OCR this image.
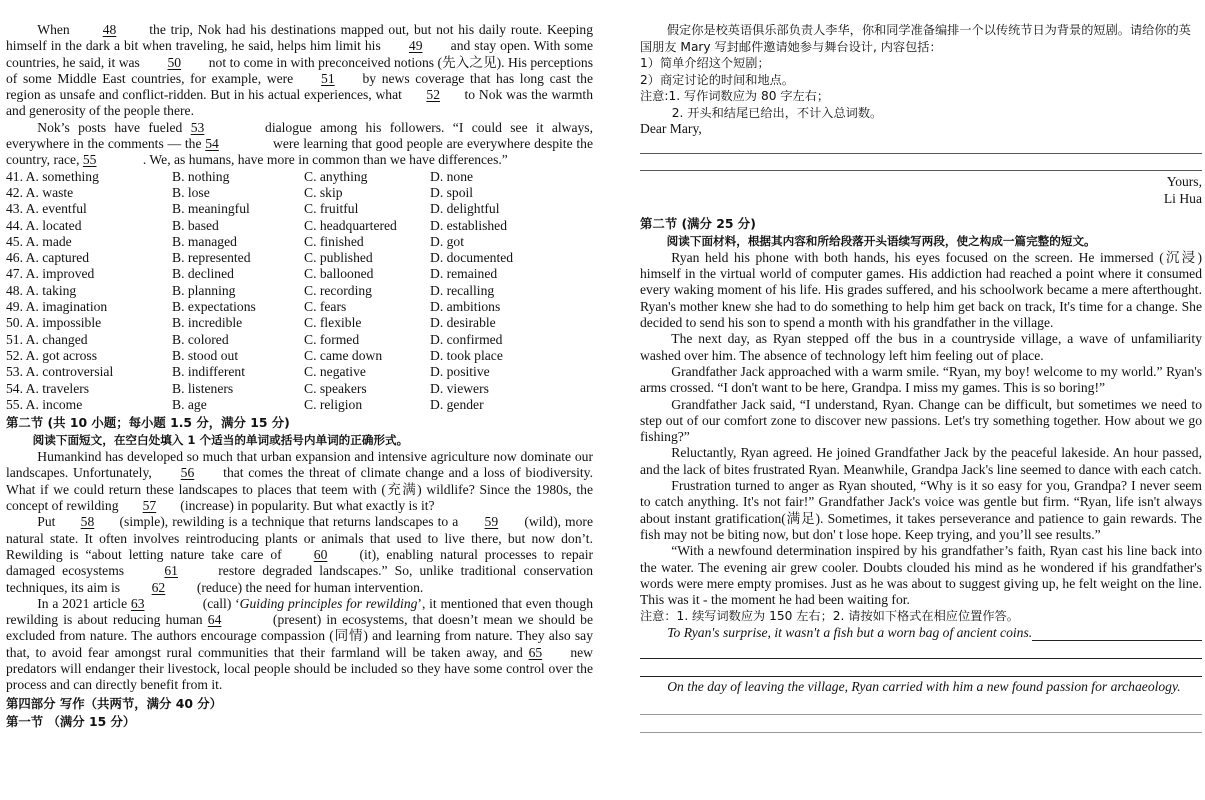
When 48 the trip, Nok had his destinations mapped out, but not his daily route. Keeping himself in the dark a bit when traveling, he said, helps him limit his 49 and stay open. With some countries, he said, it was 50 not to come in with preconceived notions (先入之见). His perceptions of some Middle East countries, for example, were 51 by news coverage that has long cast the region as unsafe and conflict-ridden. But in his actual experiences, what 52 to Nok was the warmth and generosity of the people there.

Nok’s posts have fueled 53	dialogue among his followers. “I could see it always, everywhere in the comments — the 54	were learning that good people are everywhere despite the country, race, 55	. We, as humans, have more in common than we have differences.”

41. A. something	B. nothing	C. anything	D. none
42. A. waste	B. lose	C. skip	D. spoil
43. A. eventful	B. meaningful	C. fruitful	D. delightful
44. A. located	B. based	C. headquartered	D. established
45. A. made	B. managed	C. finished	D. got
46. A. captured	B. represented	C. published	D. documented
47. A. improved	B. declined	C. ballooned	D. remained
48. A. taking	B. planning	C. recording	D. recalling
49. A. imagination	B. expectations	C. fears	D. ambitions
50. A. impossible	B. incredible	C. flexible	D. desirable
51. A. changed	B. colored	C. formed	D. confirmed
52. A. got across	B. stood out	C. came down	D. took place
53. A. controversial	B. indifferent	C. negative	D. positive
54. A. travelers	B. listeners	C. speakers	D. viewers
55. A. income	B. age	C. religion	D. gender
第二节 (共 10 小题；每小题 1.5 分，满分 15 分)
阅读下面短文，在空白处填入 1 个适当的单词或括号内单词的正确形式。

Humankind has developed so much that urban expansion and intensive agriculture now dominate our landscapes. Unfortunately, 56 that comes the threat of climate change and a loss of biodiversity. What if we could return these landscapes to places that teem with (充满) wildlife? Since the 1980s, the concept of rewilding 57 (increase) in popularity. But what exactly is it?

Put 58 (simple), rewilding is a technique that returns landscapes to a 59 (wild), more natural state. It often involves reintroducing plants or animals that used to live there, but now don’t. Rewilding is “about letting nature take care of 60 (it), enabling natural processes to repair damaged ecosystems 61 restore degraded landscapes.” So, unlike traditional conservation techniques, its aim is 62 (reduce) the need for human intervention.

In a 2021 article 63	(call) ‘Guiding principles for rewilding’, it mentioned that even though rewilding is about reducing human 64	(present) in ecosystems, that doesn’t mean we should be excluded from nature. The authors encourage compassion (同情) and learning from nature. They also say that, to avoid fear amongst rural communities that their farmland will be taken away, and 65 new predators will endanger their livestock, local people should be included so they have some control over the process and can directly benefit from it.

第四部分 写作（共两节，满分 40 分）
第一节 （满分 15 分）
假定你是校英语俱乐部负责人李华，你和同学准备编排一个以传统节日为背景的短剧。请给你的英国朋友 Mary 写封邮件邀请她参与舞台设计, 内容包括：
1）简单介绍这个短剧；
2）商定讨论的时间和地点。
注意:1. 写作词数应为 80 字左右；
2. 开头和结尾已给出，不计入总词数。
Dear Mary,
Yours,
Li Hua
第二节 (满分 25 分)
阅读下面材料，根据其内容和所给段落开头语续写两段，使之构成一篇完整的短文。

Ryan held his phone with both hands, his eyes focused on the screen. He immersed (沉浸) himself in the virtual world of computer games. His addiction had reached a point where it consumed every waking moment of his life. His grades suffered, and his schoolwork became a mere afterthought. Ryan's mother knew she had to do something to help him get back on track, It's time for a change. She decided to send his son to spend a month with his grandfather in the village.

The next day, as Ryan stepped off the bus in a countryside village, a wave of unfamiliarity washed over him. The absence of technology left him feeling out of place.

Grandfather Jack approached with a warm smile. “Ryan, my boy! welcome to my world.” Ryan's arms crossed. “I don't want to be here, Grandpa. I miss my games. This is so boring!”

Grandfather Jack said, “I understand, Ryan. Change can be difficult, but sometimes we need to step out of our comfort zone to discover new passions. Let's try something together. How about we go fishing?”

Reluctantly, Ryan agreed. He joined Grandfather Jack by the peaceful lakeside. An hour passed, and the lack of bites frustrated Ryan. Meanwhile, Grandpa Jack's line seemed to dance with each catch.

Frustration turned to anger as Ryan shouted, “Why is it so easy for you, Grandpa? I never seem to catch anything. It's not fair!” Grandfather Jack's voice was gentle but firm. “Ryan, life isn't always about instant gratification(满足). Sometimes, it takes perseverance and patience to gain rewards. The fish may not be biting now, but don' t lose hope. Keep trying, and you’ll see results.”

“With a newfound determination inspired by his grandfather’s faith, Ryan cast his line back into the water. The evening air grew cooler. Doubts clouded his mind as he wondered if his grandfather's words were mere empty promises. Just as he was about to suggest giving up, he felt weight on the line. This was it - the moment he had been waiting for.

注意：1. 续写词数应为 150 左右；2. 请按如下格式在相应位置作答。
To Ryan's surprise, it wasn't a fish but a worn bag of ancient coins.
On the day of leaving the village, Ryan carried with him a new found passion for archaeology.
